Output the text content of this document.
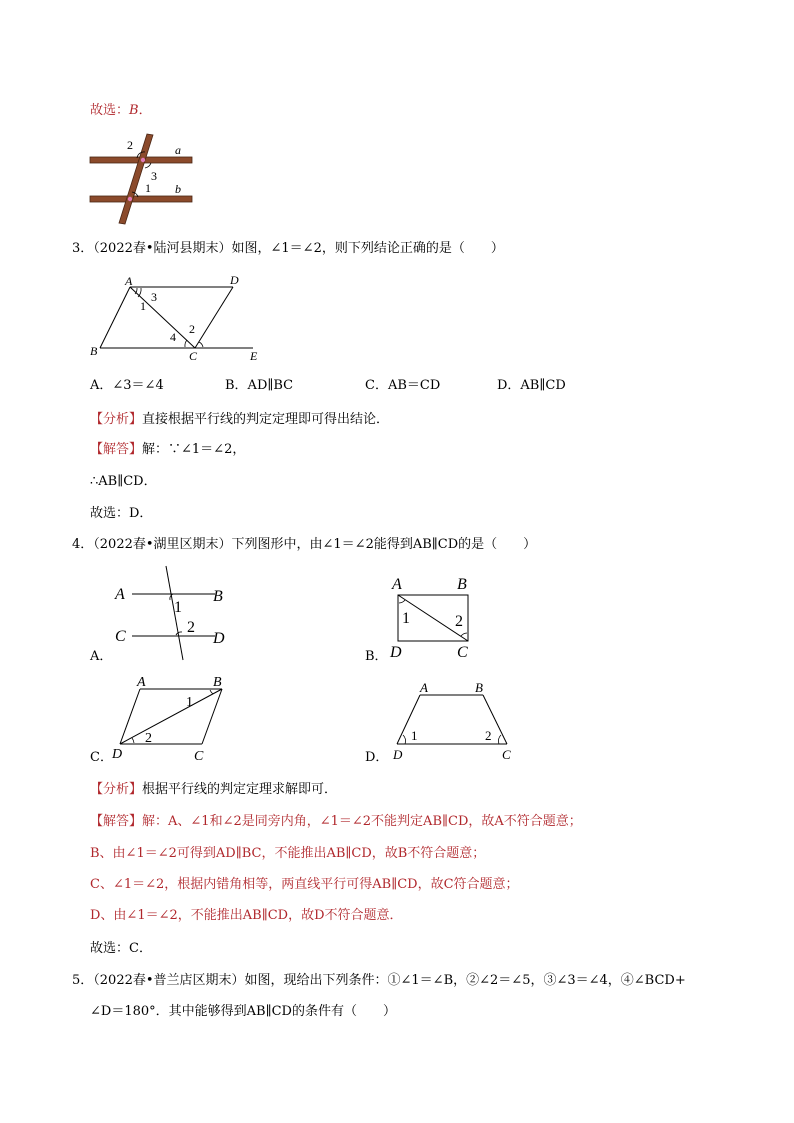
故选：B．
2	a
3
1 b
3．（2022春•陆河县期末）如图，∠1＝∠2，则下列结论正确的是（　　）
A	D
3
1
4
2
B	C	E
A．∠3＝∠4	B．AD∥BC	C．AB＝CD	D．AB∥CD
【分析】直接根据平行线的判定定理即可得出结论．
【解答】解：∵∠1＝∠2，
∴AB∥CD．
故选：D．
4．（2022春•湖里区期末）下列图形中，由∠1＝∠2能得到AB∥CD的是（　　）
A	B
1
C
2
D
A．
A	B
1	2
D	C
B．
A	B
1
D
2
C
C．
A	B
1	2
D	C
D．
【分析】根据平行线的判定定理求解即可．
【解答】解：A、∠1和∠2是同旁内角，∠1＝∠2不能判定AB∥CD，故A不符合题意；
B、由∠1＝∠2可得到AD∥BC，不能推出AB∥CD，故B不符合题意；
C、∠1＝∠2，根据内错角相等，两直线平行可得AB∥CD，故C符合题意；
D、由∠1＝∠2，不能推出AB∥CD，故D不符合题意．
故选：C．
5．（2022春•普兰店区期末）如图，现给出下列条件：①∠1＝∠B，②∠2＝∠5，③∠3＝∠4，④∠BCD+
∠D＝180°．其中能够得到AB∥CD的条件有（　　）
